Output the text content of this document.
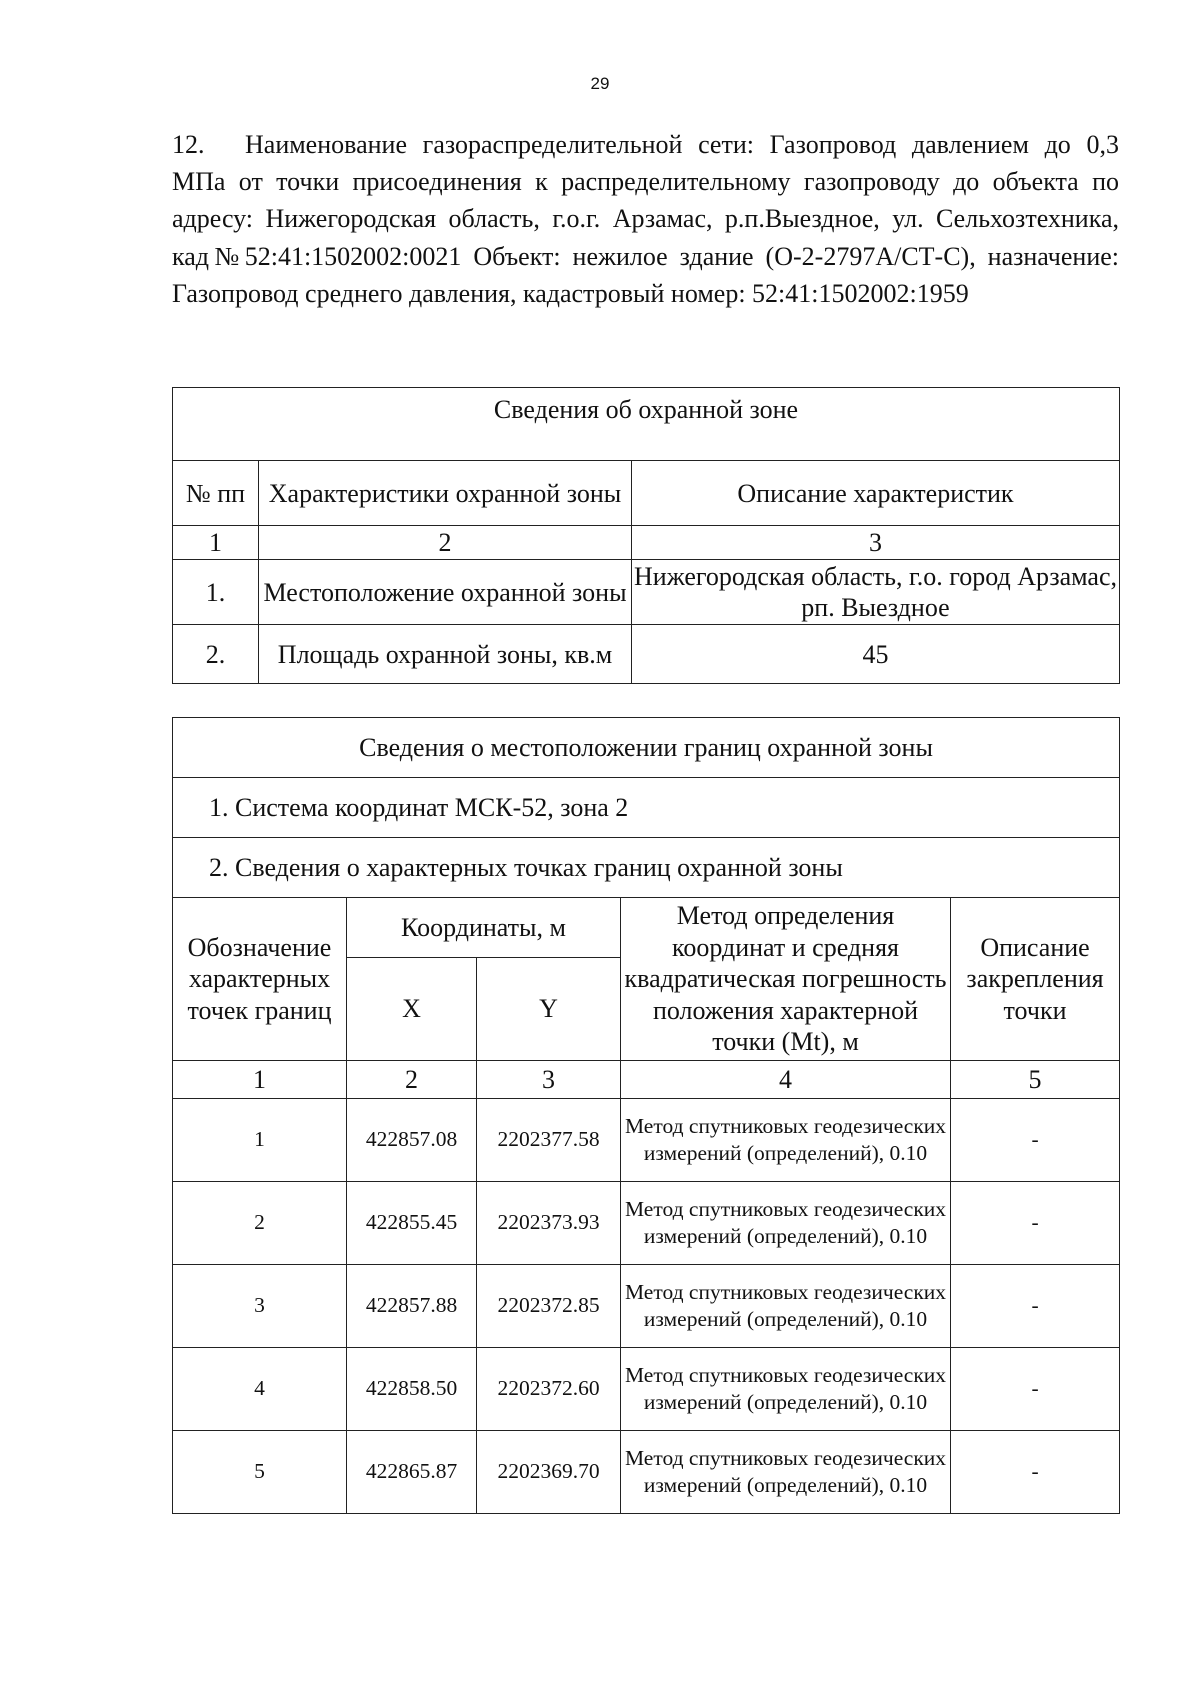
29

12. Наименование газораспределительной сети: Газопровод давлением до 0,3 МПа от точки присоединения к распределительному газопроводу до объекта по адресу: Нижегородская область, г.о.г. Арзамас, р.п.Выездное, ул. Сельхозтехника, кад№52:41:1502002:0021 Объект: нежилое здание (О-2-2797А/СТ-С), назначение: Газопровод среднего давления, кадастровый номер: 52:41:1502002:1959

Сведения об охранной зоне		
№ пп	Характеристики охранной зоны	Описание характеристик
1	2	3
1.	Местоположение охранной зоны	Нижегородская область, г.о. город Арзамас, рп. Выездное
2.	Площадь охранной зоны, кв.м	45
Сведения о местоположении границ охранной зоны				
1. Система координат МСК-52, зона 2				
2. Сведения о характерных точках границ охранной зоны				
Обозначение характерных точек границ	Координаты, м		Метод определения координат и средняя квадратическая погрешность положения характерной точки (Mt), м	Описание закрепления точки
	X	Y		
1	2	3	4	5
1	422857.08	2202377.58	Метод спутниковых геодезических измерений (определений), 0.10	-
2	422855.45	2202373.93	Метод спутниковых геодезических измерений (определений), 0.10	-
3	422857.88	2202372.85	Метод спутниковых геодезических измерений (определений), 0.10	-
4	422858.50	2202372.60	Метод спутниковых геодезических измерений (определений), 0.10	-
5	422865.87	2202369.70	Метод спутниковых геодезических измерений (определений), 0.10	-
